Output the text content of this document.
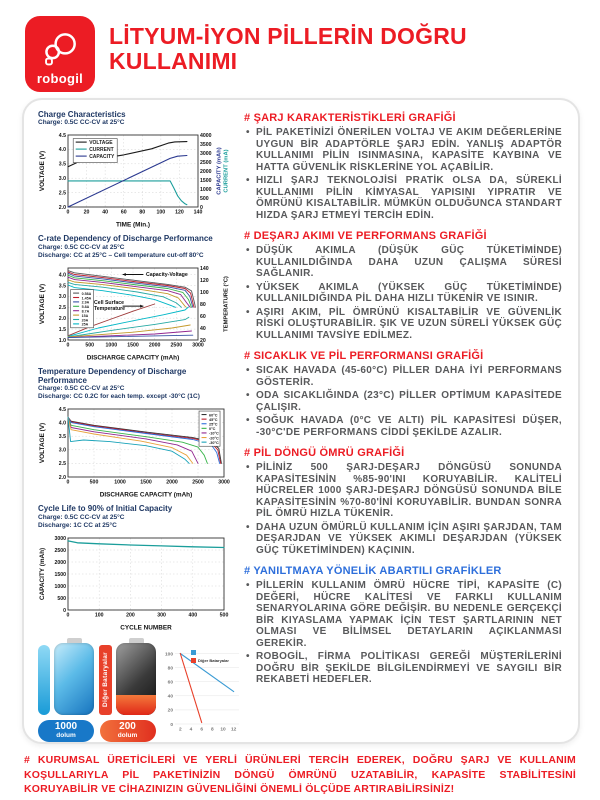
robogil
LİTYUM-İYON PİLLERİN DOĞRU KULLANIMI
Charge Characteristics
Charge: 0.5C CC-CV at 25°C
0	20 40 60 80 100 120 140
2.0
2.5
3.0
3.5
4.0
4.5
0
500
1000
1500
2000
2500
3000
3500
4000
TIME (Min.)
VOLTAGE (V)	CAPACITY (mAh) CURRENT (mA)
VOLTAGE
CURRENT
CAPACITY
C-rate Dependency of Discharge Performance
Charge: 0.5C CC-CV at 25°C
Discharge: CC at 25°C – Cell temperature cut-off 80°C
0	500 1000 1500 2000 2500 3000
1.0
1.5
2.0
2.5
3.0
3.5
4.0
20
40
60
80
100
120
140
DISCHARGE CAPACITY (mAh)
VOLTAGE (V)	TEMPERATURE (°C)
0.58A
1.45A
2.9A
5.8A
8.7A
15A
20A
25A
Capacity-Voltage
Cell Surface
Temperature
Temperature Dependency of Discharge Performance
Charge: 0.5C CC-CV at 25°C
Discharge: CC 0.2C for each temp. except -30°C (1C)
0	500	1000	1500	2000	2500	3000
2.0
2.5
3.0
3.5
4.0
4.5
DISCHARGE CAPACITY (mAh)
VOLTAGE (V)
60°C
45°C
25°C
0°C
-10°C
-20°C
-30°C
Cycle Life to 90% of Initial Capacity
Charge: 0.5C CC-CV at 25°C
Discharge: 1C CC at 25°C
0	100	200	300	400	500
0
500
1000
1500
2000
2500
3000
CYCLE NUMBER
CAPACITY (mAh)
1000
dolum
Diğer Bataryalar
200
dolum
2 4 6 8 10 12
0
20
40
60
80
100
Diğer Bataryalar
# ŞARJ KARAKTERİSTİKLERİ GRAFİĞİ
• PİL PAKETİNİZİ ÖNERİLEN VOLTAJ VE AKIM DEĞERLERİNE UYGUN BİR ADAPTÖRLE ŞARJ EDİN. YANLIŞ ADAPTÖR KULLANIMI PİLİN ISINMASINA, KAPASİTE KAYBINA VE HATTA GÜVENLİK RİSKLERİNE YOL AÇABİLİR.
• HIZLI ŞARJ TEKNOLOJİSİ PRATİK OLSA DA, SÜREKLİ KULLANIMI PİLİN KİMYASAL YAPISINI YIPRATIR VE ÖMRÜNÜ KISALTABİLİR. MÜMKÜN OLDUĞUNCA STANDART HIZDA ŞARJ ETMEYİ TERCİH EDİN.
# DEŞARJ AKIMI VE PERFORMANS GRAFİĞİ
• DÜŞÜK AKIMLA (DÜŞÜK GÜÇ TÜKETİMİNDE) KULLANILDIĞINDA DAHA UZUN ÇALIŞMA SÜRESİ SAĞLANIR.
• YÜKSEK AKIMLA (YÜKSEK GÜÇ TÜKETİMİNDE) KULLANILDIĞINDA PİL DAHA HIZLI TÜKENİR VE ISINIR.
• AŞIRI AKIM, PİL ÖMRÜNÜ KISALTABİLİR VE GÜVENLİK RİSKİ OLUŞTURABİLİR. ŞIK VE UZUN SÜRELİ YÜKSEK GÜÇ KULLANIMI TAVSİYE EDİLMEZ.
# SICAKLIK VE PİL PERFORMANSI GRAFİĞİ
• SICAK HAVADA (45-60°C) PİLLER DAHA İYİ PERFORMANS GÖSTERİR.
• ODA SICAKLIĞINDA (23°C) PİLLER OPTİMUM KAPASİTEDE ÇALIŞIR.
• SOĞUK HAVADA (0°C VE ALTI) PİL KAPASİTESİ DÜŞER, -30°C'DE PERFORMANS CİDDİ ŞEKİLDE AZALIR.
# PİL DÖNGÜ ÖMRÜ GRAFİĞİ
• PİLİNİZ 500 ŞARJ-DEŞARJ DÖNGÜSÜ SONUNDA KAPASİTESİNİN %85-90'INI KORUYABİLİR. KALİTELİ HÜCRELER 1000 ŞARJ-DEŞARJ DÖNGÜSÜ SONUNDA BİLE KAPASİTESİNİN %70-80'İNİ KORUYABİLİR. BUNDAN SONRA PİL ÖMRÜ HIZLA TÜKENİR.
• DAHA UZUN ÖMÜRLÜ KULLANIM İÇİN AŞIRI ŞARJDAN, TAM DEŞARJDAN VE YÜKSEK AKIMLI DEŞARJDAN (YÜKSEK GÜÇ TÜKETİMİNDEN) KAÇININ.
# YANILTMAYA YÖNELİK ABARTILI GRAFİKLER
• PİLLERİN KULLANIM ÖMRÜ HÜCRE TİPİ, KAPASİTE (C) DEĞERİ, HÜCRE KALİTESİ VE FARKLI KULLANIM SENARYOLARINA GÖRE DEĞİŞİR. BU NEDENLE GERÇEKÇİ BİR KIYASLAMA YAPMAK İÇİN TEST ŞARTLARININ NET OLMASI VE BİLİMSEL DETAYLARIN AÇIKLANMASI GEREKİR.
• ROBOGİL, FİRMA POLİTİKASI GEREĞİ MÜŞTERİLERİNİ DOĞRU BİR ŞEKİLDE BİLGİLENDİRMEYİ VE SAYGILI BİR REKABETİ HEDEFLER.
# KURUMSAL ÜRETİCİLERİ VE YERLİ ÜRÜNLERİ TERCİH EDEREK, DOĞRU ŞARJ VE KULLANIM KOŞULLARIYLA PİL PAKETİNİZİN DÖNGÜ ÖMRÜNÜ UZATABİLİR, KAPASİTE STABİLİTESİNİ KORUYABİLİR VE CİHAZINIZIN GÜVENLİĞİNİ ÖNEMLİ ÖLÇÜDE ARTIRABİLİRSİNİZ!
